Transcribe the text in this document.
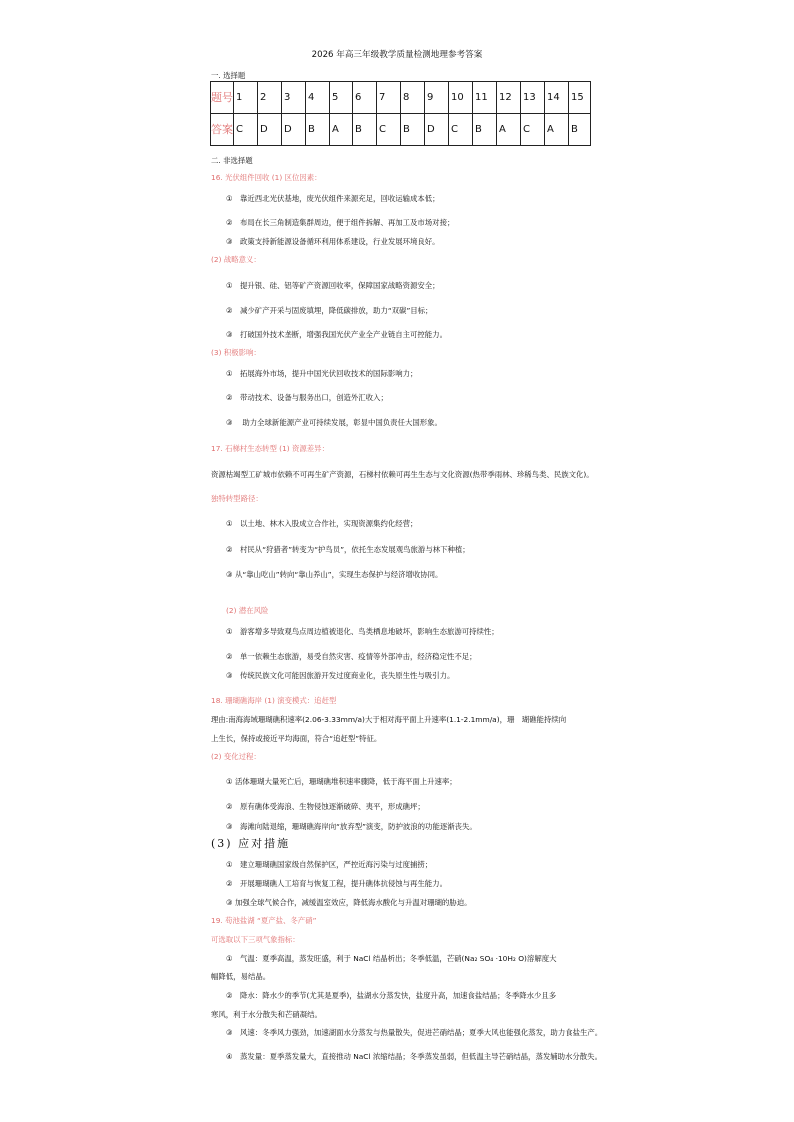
2026 年高三年级教学质量检测地理参考答案
一. 选择题
题号	1	2	3	4	5	6	7	8	9	10	11	12	13	14	15
答案	C	D	D	B	A	B	C	B	D	C	B	A	C	A	B
二. 非选择题
16. 光伏组件回收 (1) 区位因素：
①　靠近西北光伏基地，废光伏组件来源充足，回收运输成本低；
②　布局在长三角制造集群周边，便于组件拆解、再加工及市场对接；
③　政策支持新能源设备循环利用体系建设，行业发展环境良好。
(2) 战略意义：
①　提升银、硅、铝等矿产资源回收率，保障国家战略资源安全；
②　减少矿产开采与固废填埋，降低碳排放，助力“双碳”目标；
③　打破国外技术垄断，增强我国光伏产业全产业链自主可控能力。
(3) 积极影响：
①　拓展海外市场，提升中国光伏回收技术的国际影响力；
②　带动技术、设备与服务出口，创造外汇收入；
③　 助力全球新能源产业可持续发展，彰显中国负责任大国形象。
17. 石梯村生态转型 (1) 资源差异：
资源枯竭型工矿城市依赖不可再生矿产资源，石梯村依赖可再生生态与文化资源(热带季雨林、珍稀鸟类、民族文化)。
独特转型路径：
①　以土地、林木入股成立合作社，实现资源集约化经营；
②　村民从“狩猎者”转变为“护鸟员”，依托生态发展观鸟旅游与林下种植；
③ 从“靠山吃山”转向“靠山养山”，实现生态保护与经济增收协同。
(2) 潜在风险
①　游客增多导致观鸟点周边植被退化、鸟类栖息地破坏，影响生态旅游可持续性；
②　单一依赖生态旅游，易受自然灾害、疫情等外部冲击，经济稳定性不足；
③　传统民族文化可能因旅游开发过度商业化，丧失原生性与吸引力。
18. 珊瑚礁海岸 (1) 演变模式：追赶型
理由:南海海域珊瑚礁积速率(2.06-3.33mm/a)大于相对海平面上升速率(1.1-2.1mm/a)，珊　瑚礁能持续向
上生长，保持或接近平均海面，符合“追赶型”特征。
(2) 变化过程：
① 活体珊瑚大量死亡后，珊瑚礁堆积速率骤降，低于海平面上升速率；
②　原有礁体受海浪、生物侵蚀逐渐破碎、夷平，形成礁坪；
③　海滩向陆退缩，珊瑚礁海岸向“放弃型”演变，防护波浪的功能逐渐丧失。
(3) 应对措施
①　建立珊瑚礁国家级自然保护区，严控近海污染与过度捕捞；
②　开展珊瑚礁人工培育与恢复工程，提升礁体抗侵蚀与再生能力。
③ 加强全球气候合作，减缓温室效应，降低海水酸化与升温对珊瑚的胁迫。
19. 苟池盐湖 “夏产盐、冬产硝”
可选取以下三项气象指标：
①　气温：夏季高温，蒸发旺盛，利于 NaCl 结晶析出；冬季低温，芒硝(Na₂ SO₄ ·10H₂ O)溶解度大
幅降低，易结晶。
②　降水：降水少的季节(尤其是夏季)，盐湖水分蒸发快，盐度升高，加速食盐结晶；冬季降水少且多
寒风，利于水分散失和芒硝凝结。
③　风速：冬季风力强劲，加速湖面水分蒸发与热量散失，促进芒硝结晶；夏季大风也能强化蒸发，助力食盐生产。
④　蒸发量：夏季蒸发量大，直接推动 NaCl 浓缩结晶；冬季蒸发虽弱，但低温主导芒硝结晶，蒸发辅助水分散失。
